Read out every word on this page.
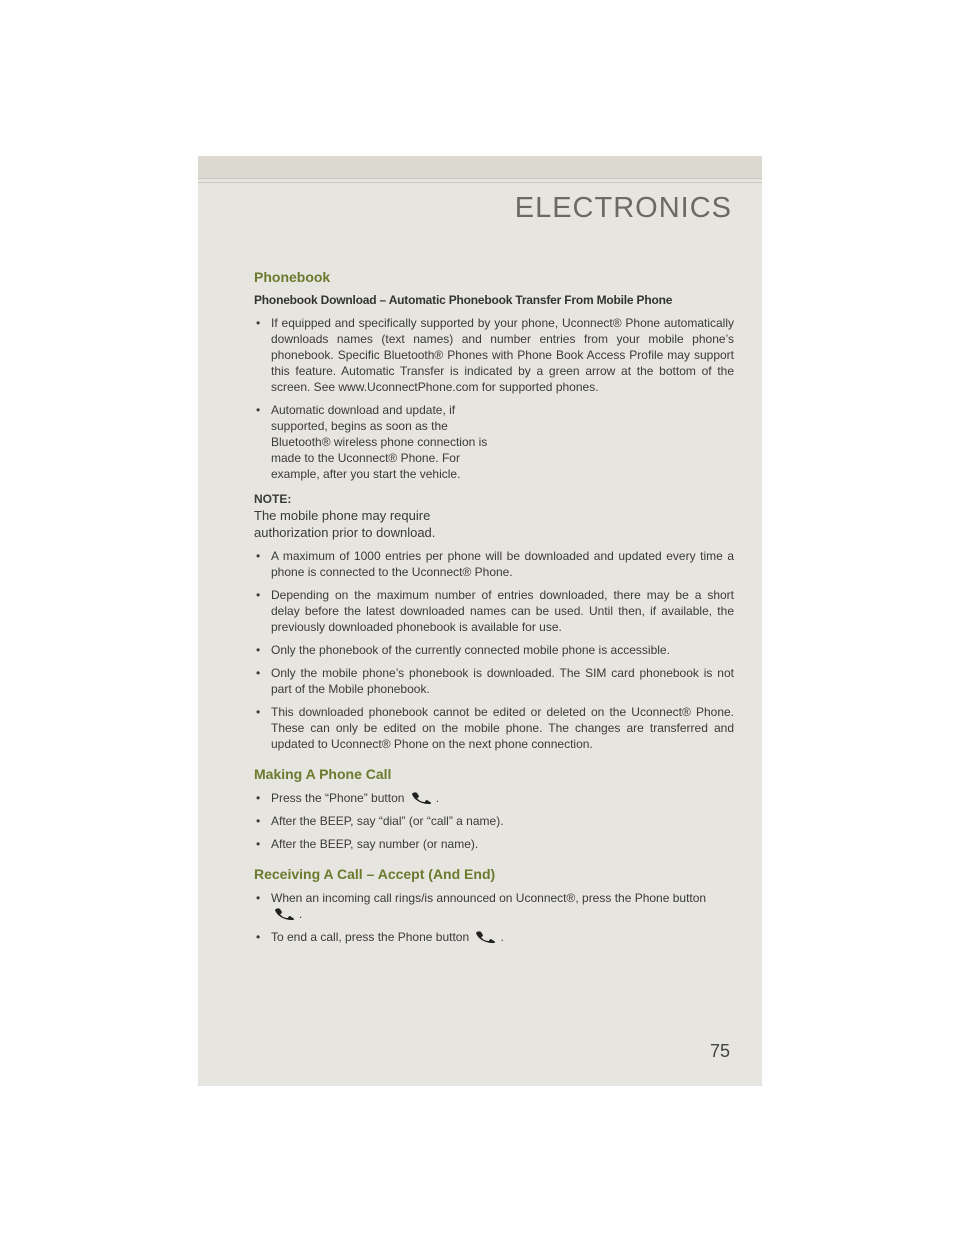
ELECTRONICS
Phonebook
Phonebook Download – Automatic Phonebook Transfer From Mobile Phone
• If equipped and specifically supported by your phone, Uconnect® Phone automatically downloads names (text names) and number entries from your mobile phone’s phonebook. Specific Bluetooth® Phones with Phone Book Access Profile may support this feature. Automatic Transfer is indicated by a green arrow at the bottom of the screen. See www.UconnectPhone.com for supported phones.
• Automatic download and update, if supported, begins as soon as the Bluetooth® wireless phone connection is made to the Uconnect® Phone. For example, after you start the vehicle.
NOTE:
The mobile phone may require authorization prior to download.
• A maximum of 1000 entries per phone will be downloaded and updated every time a phone is connected to the Uconnect® Phone.
• Depending on the maximum number of entries downloaded, there may be a short delay before the latest downloaded names can be used. Until then, if available, the previously downloaded phonebook is available for use.
• Only the phonebook of the currently connected mobile phone is accessible.
• Only the mobile phone’s phonebook is downloaded. The SIM card phonebook is not part of the Mobile phonebook.
• This downloaded phonebook cannot be edited or deleted on the Uconnect® Phone. These can only be edited on the mobile phone. The changes are transferred and updated to Uconnect® Phone on the next phone connection.
Making A Phone Call
• Press the “Phone” button	.
• After the BEEP, say “dial” (or “call” a name).
• After the BEEP, say number (or name).
Receiving A Call – Accept (And End)
• When an incoming call rings/is announced on Uconnect®, press the Phone button
.
• To end a call, press the Phone button	.
75
